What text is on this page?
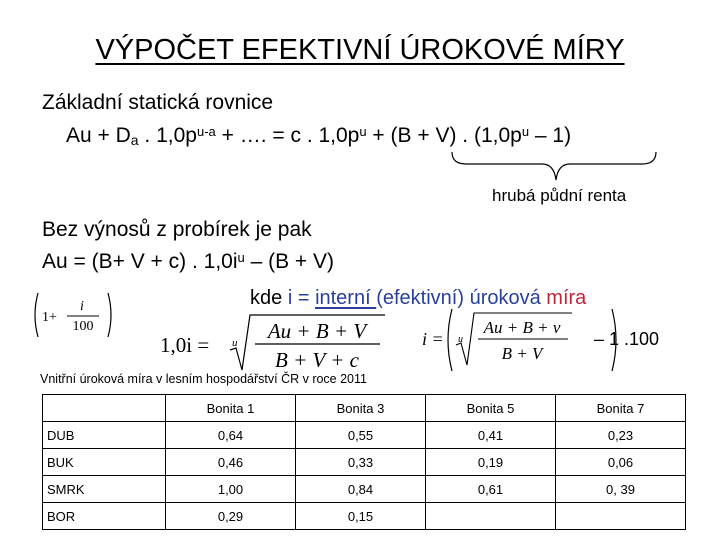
VÝPOČET EFEKTIVNÍ ÚROKOVÉ MÍRY
Základní statická rovnice
$Au + D_a$ . $1,0p^{u-a}$ + …. = c . $1,0p^u + (B + V)$ . $(1,0p^u - 1)$
hrubá půdní renta
Bez výnosů z probírek je pak
Au = (B+ V + c) . $1,0i^u - (B + V)$
kde i = interní (efektivní) úroková míra
1+
i
100
1,0i = u Au + B + V
B + V + c
i = u
Au + B + v
B + V
– 1 .100
Vnitřní úroková míra v lesním hospodářství ČR v roce 2011
	Bonita 1	Bonita 3	Bonita 5	Bonita 7
DUB	0,64	0,55	0,41	0,23
BUK	0,46	0,33	0,19	0,06
SMRK	1,00	0,84	0,61	0, 39
BOR	0,29	0,15		
